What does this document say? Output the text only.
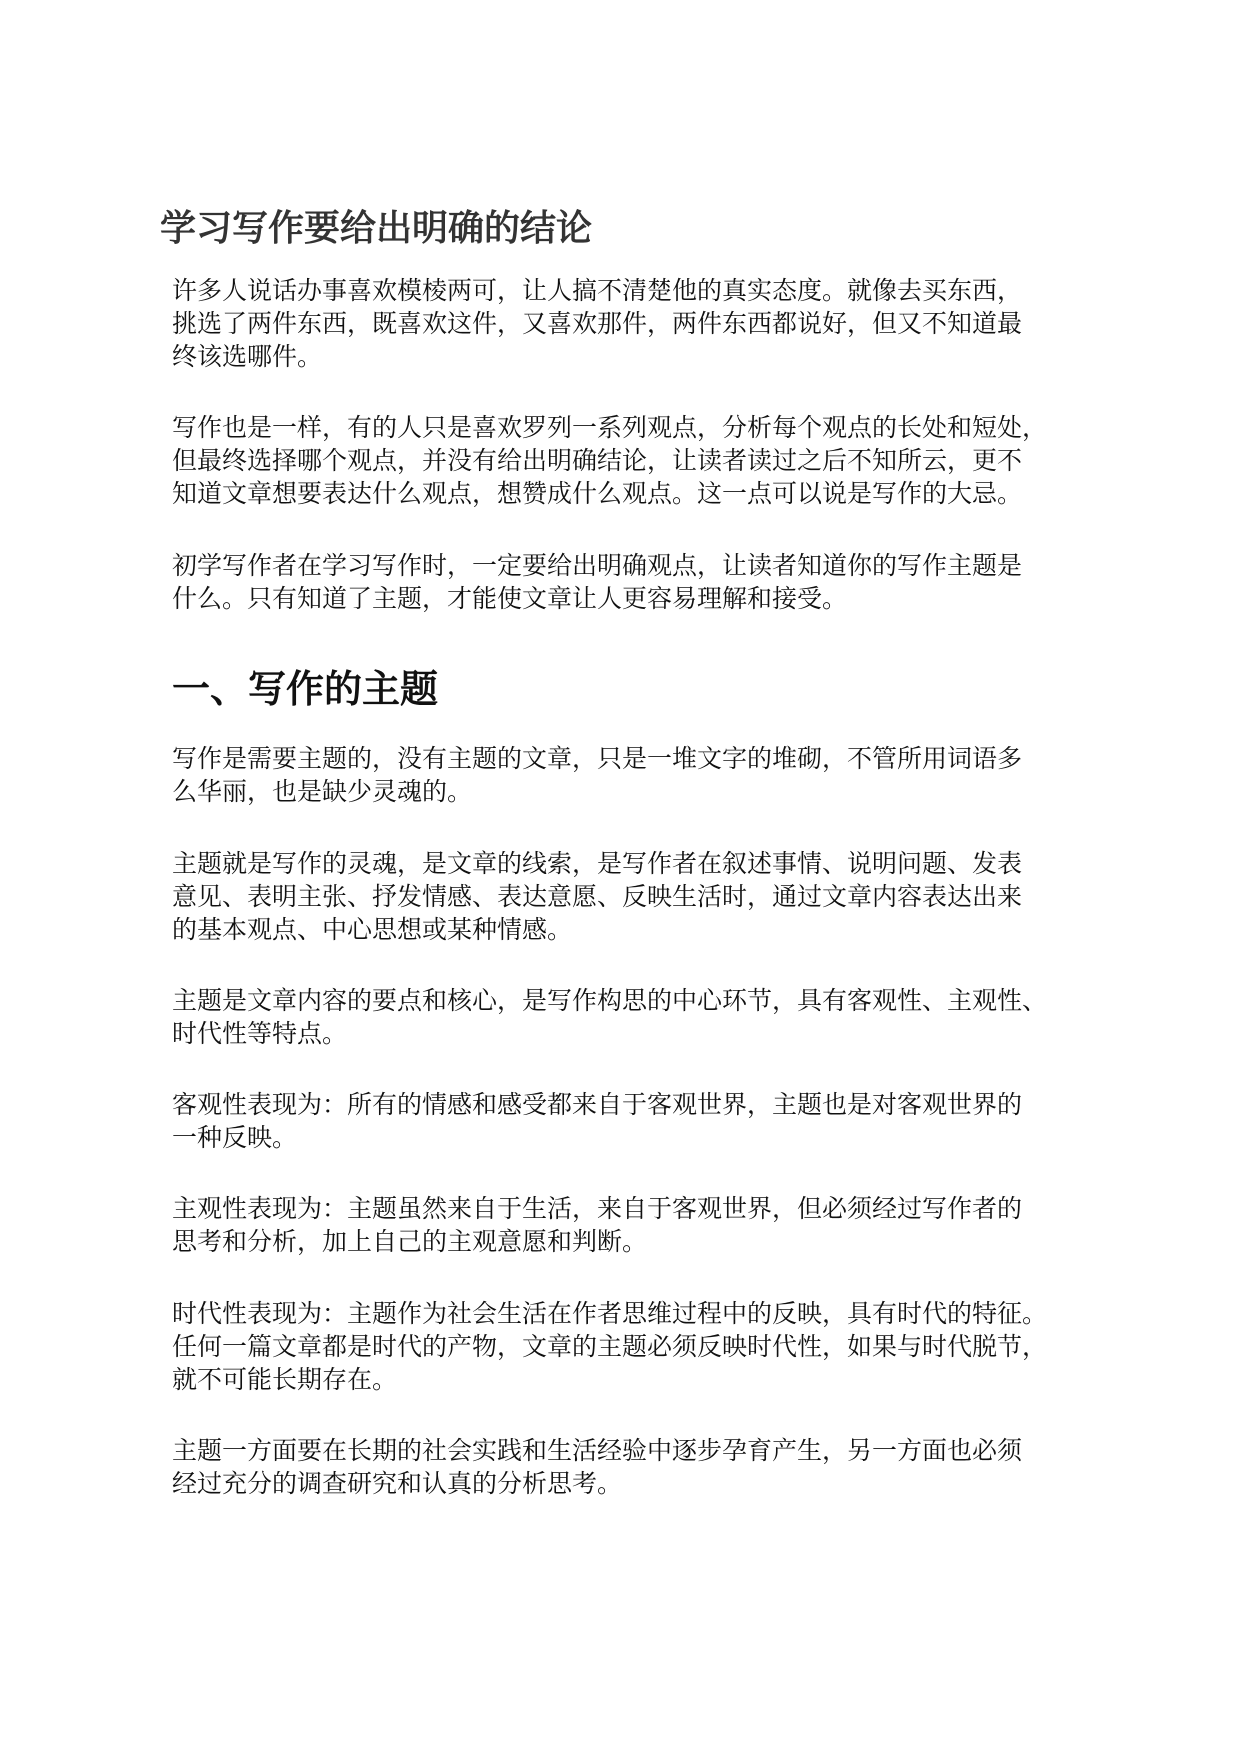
学习写作要给出明确的结论

许多人说话办事喜欢模棱两可，让人搞不清楚他的真实态度。就像去买东西，
挑选了两件东西，既喜欢这件，又喜欢那件，两件东西都说好，但又不知道最
终该选哪件。

写作也是一样，有的人只是喜欢罗列一系列观点，分析每个观点的长处和短处，
但最终选择哪个观点，并没有给出明确结论，让读者读过之后不知所云，更不
知道文章想要表达什么观点，想赞成什么观点。这一点可以说是写作的大忌。

初学写作者在学习写作时，一定要给出明确观点，让读者知道你的写作主题是
什么。只有知道了主题，才能使文章让人更容易理解和接受。

一、写作的主题

写作是需要主题的，没有主题的文章，只是一堆文字的堆砌，不管所用词语多
么华丽，也是缺少灵魂的。

主题就是写作的灵魂，是文章的线索，是写作者在叙述事情、说明问题、发表
意见、表明主张、抒发情感、表达意愿、反映生活时，通过文章内容表达出来
的基本观点、中心思想或某种情感。

主题是文章内容的要点和核心，是写作构思的中心环节，具有客观性、主观性、
时代性等特点。

客观性表现为：所有的情感和感受都来自于客观世界，主题也是对客观世界的
一种反映。

主观性表现为：主题虽然来自于生活，来自于客观世界，但必须经过写作者的
思考和分析，加上自己的主观意愿和判断。

时代性表现为：主题作为社会生活在作者思维过程中的反映，具有时代的特征。
任何一篇文章都是时代的产物，文章的主题必须反映时代性，如果与时代脱节，
就不可能长期存在。

主题一方面要在长期的社会实践和生活经验中逐步孕育产生，另一方面也必须
经过充分的调查研究和认真的分析思考。
